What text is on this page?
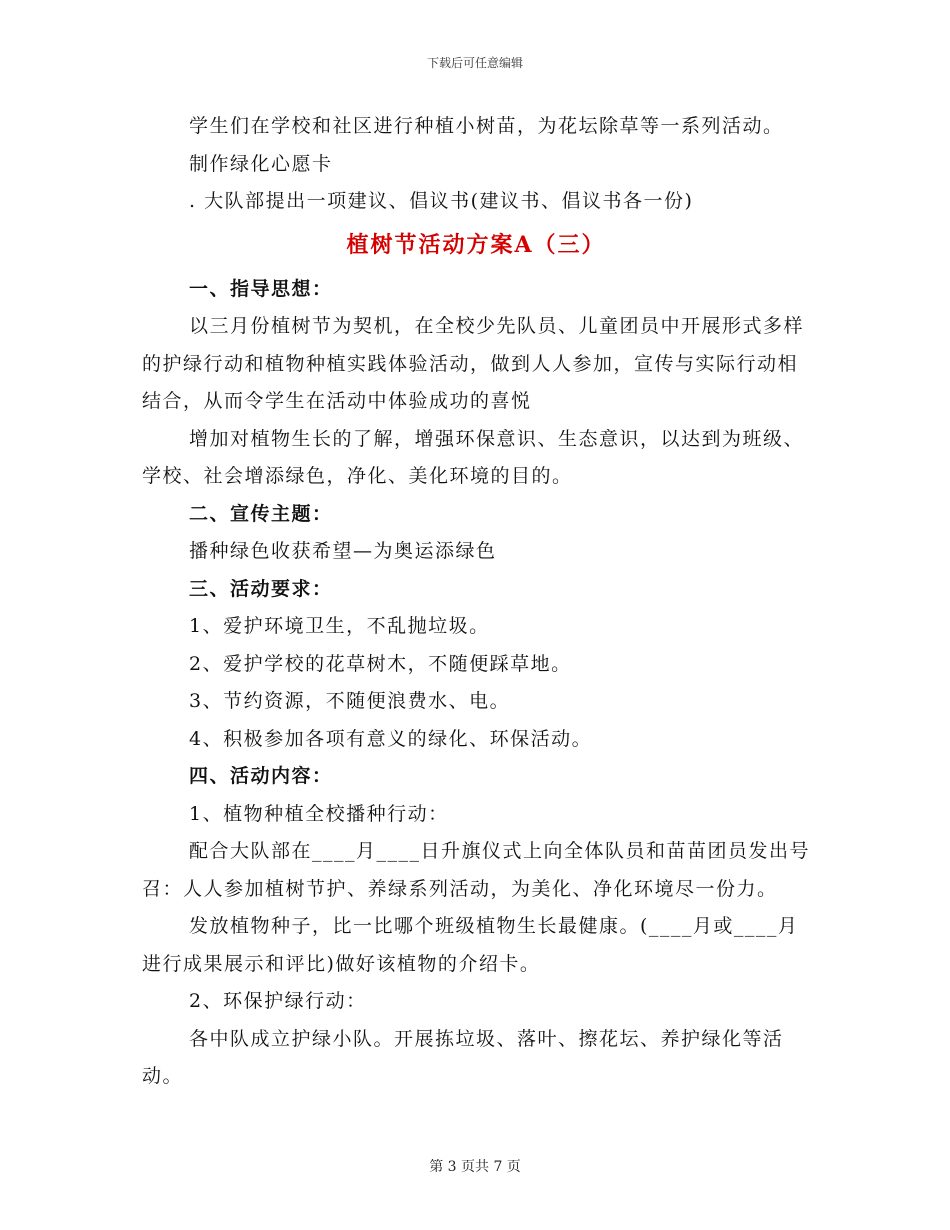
下载后可任意编辑

学生们在学校和社区进行种植小树苗，为花坛除草等一系列活动。

制作绿化心愿卡

. 大队部提出一项建议、倡议书(建议书、倡议书各一份)

植树节活动方案A（三）

一、指导思想：

以三月份植树节为契机，在全校少先队员、儿童团员中开展形式多样的护绿行动和植物种植实践体验活动，做到人人参加，宣传与实际行动相结合，从而令学生在活动中体验成功的喜悦

增加对植物生长的了解，增强环保意识、生态意识，以达到为班级、学校、社会增添绿色，净化、美化环境的目的。

二、宣传主题：

播种绿色收获希望—为奥运添绿色

三、活动要求：

1、爱护环境卫生，不乱抛垃圾。

2、爱护学校的花草树木，不随便踩草地。

3、节约资源，不随便浪费水、电。

4、积极参加各项有意义的绿化、环保活动。

四、活动内容：

1、植物种植全校播种行动：

配合大队部在____月____日升旗仪式上向全体队员和苗苗团员发出号召：人人参加植树节护、养绿系列活动，为美化、净化环境尽一份力。

发放植物种子，比一比哪个班级植物生长最健康。(____月或____月进行成果展示和评比)做好该植物的介绍卡。

2、环保护绿行动：

各中队成立护绿小队。开展拣垃圾、落叶、擦花坛、养护绿化等活动。

第 3 页共 7 页
